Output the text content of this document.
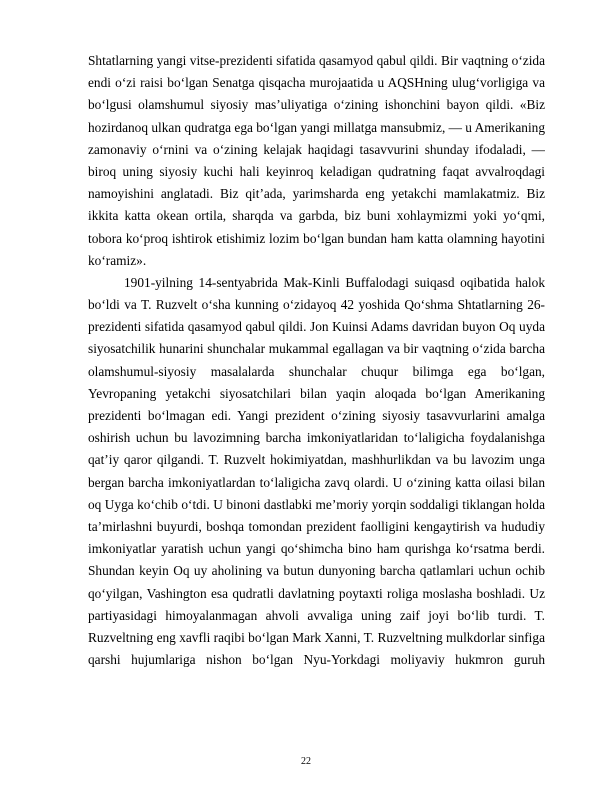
Shtatlarning yangi vitse-prezidenti sifatida qasamyod qabul qildi. Bir vaqtning o‘zida
endi o‘zi raisi bo‘lgan Senatga qisqacha murojaatida u AQSHning ulug‘vorligiga va
bo‘lgusi olamshumul siyosiy mas’uliyatiga o‘zining ishonchini bayon qildi. «Biz
hozirdanoq ulkan qudratga ega bo‘lgan yangi millatga mansubmiz, — u Amerikaning
zamonaviy o‘rnini va o‘zining kelajak haqidagi tasavvurini shunday ifodaladi, —
biroq uning siyosiy kuchi hali keyinroq keladigan qudratning faqat avvalroqdagi
namoyishini anglatadi. Biz qit’ada, yarimsharda eng yetakchi mamlakatmiz. Biz
ikkita katta okean ortila, sharqda va garbda, biz buni xohlaymizmi yoki yo‘qmi,
tobora ko‘proq ishtirok etishimiz lozim bo‘lgan bundan ham katta olamning hayotini
ko‘ramiz».
1901-yilning 14-sentyabrida Mak-Kinli Buffalodagi suiqasd oqibatida halok
bo‘ldi va T. Ruzvelt o‘sha kunning o‘zidayoq 42 yoshida Qo‘shma Shtatlarning 26-
prezidenti sifatida qasamyod qabul qildi. Jon Kuinsi Adams davridan buyon Oq uyda
siyosatchilik hunarini shunchalar mukammal egallagan va bir vaqtning o‘zida barcha
olamshumul-siyosiy masalalarda shunchalar chuqur bilimga ega bo‘lgan,
Yevropaning yetakchi siyosatchilari bilan yaqin aloqada bo‘lgan Amerikaning
prezidenti bo‘lmagan edi. Yangi prezident o‘zining siyosiy tasavvurlarini amalga
oshirish uchun bu lavozimning barcha imkoniyatlaridan to‘laligicha foydalanishga
qat’iy qaror qilgandi. T. Ruzvelt hokimiyatdan, mashhurlikdan va bu lavozim unga
bergan barcha imkoniyatlardan to‘laligicha zavq olardi. U o‘zining katta oilasi bilan
oq Uyga ko‘chib o‘tdi. U binoni dastlabki me’moriy yorqin soddaligi tiklangan holda
ta’mirlashni buyurdi, boshqa tomondan prezident faolligini kengaytirish va hududiy
imkoniyatlar yaratish uchun yangi qo‘shimcha bino ham qurishga ko‘rsatma berdi.
Shundan keyin Oq uy aholining va butun dunyoning barcha qatlamlari uchun ochib
qo‘yilgan, Vashington esa qudratli davlatning poytaxti roliga moslasha boshladi. Uz
partiyasidagi himoyalanmagan ahvoli avvaliga uning zaif joyi bo‘lib turdi. T.
Ruzveltning eng xavfli raqibi bo‘lgan Mark Xanni, T. Ruzveltning mulkdorlar sinfiga
qarshi hujumlariga nishon bo‘lgan Nyu-Yorkdagi moliyaviy hukmron guruh
22
